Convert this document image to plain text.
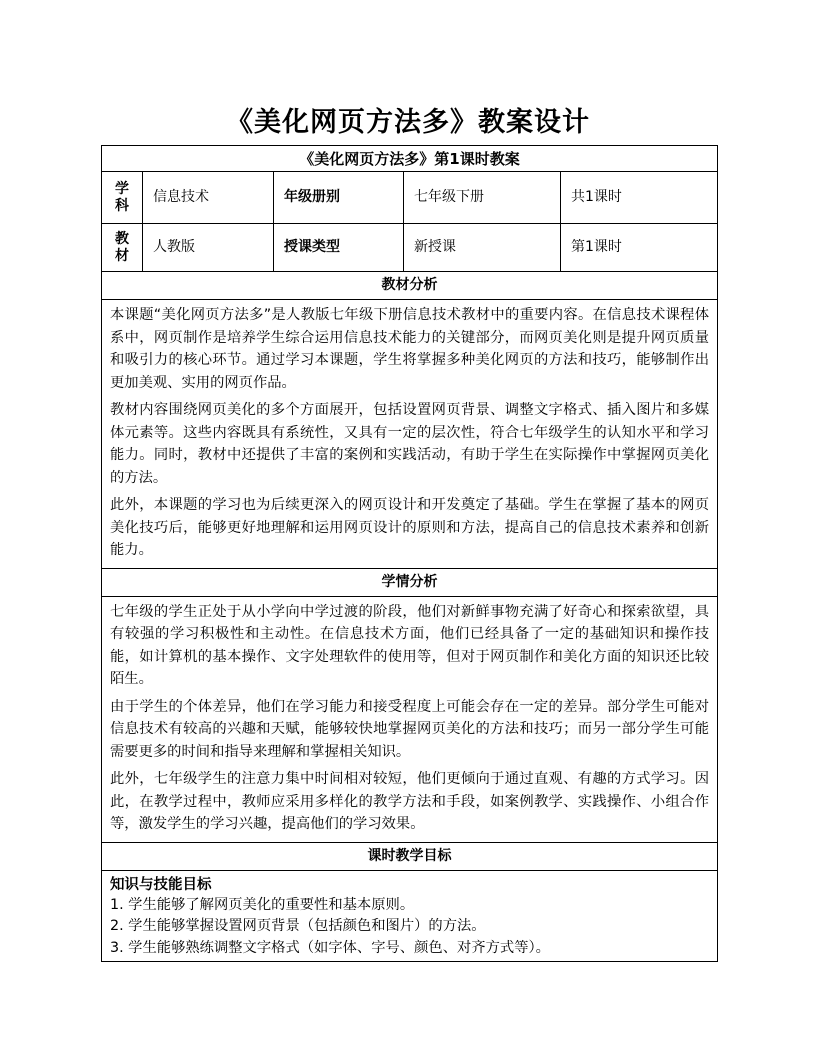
《美化网页方法多》教案设计
《美化网页方法多》第1课时教案				

学
科	信息技术	年级册别	七年级下册	共1课时

教
材	人教版	授课类型	新授课	第1课时
教材分析				

本课题“美化网页方法多”是人教版七年级下册信息技术教材中的重要内容。在信息技术课程体系中，网页制作是培养学生综合运用信息技术能力的关键部分，而网页美化则是提升网页质量和吸引力的核心环节。通过学习本课题，学生将掌握多种美化网页的方法和技巧，能够制作出更加美观、实用的网页作品。

教材内容围绕网页美化的多个方面展开，包括设置网页背景、调整文字格式、插入图片和多媒体元素等。这些内容既具有系统性，又具有一定的层次性，符合七年级学生的认知水平和学习能力。同时，教材中还提供了丰富的案例和实践活动，有助于学生在实际操作中掌握网页美化的方法。

此外，本课题的学习也为后续更深入的网页设计和开发奠定了基础。学生在掌握了基本的网页美化技巧后，能够更好地理解和运用网页设计的原则和方法，提高自己的信息技术素养和创新能力。				

学情分析				

七年级的学生正处于从小学向中学过渡的阶段，他们对新鲜事物充满了好奇心和探索欲望，具有较强的学习积极性和主动性。在信息技术方面，他们已经具备了一定的基础知识和操作技能，如计算机的基本操作、文字处理软件的使用等，但对于网页制作和美化方面的知识还比较陌生。

由于学生的个体差异，他们在学习能力和接受程度上可能会存在一定的差异。部分学生可能对信息技术有较高的兴趣和天赋，能够较快地掌握网页美化的方法和技巧；而另一部分学生可能需要更多的时间和指导来理解和掌握相关知识。

此外，七年级学生的注意力集中时间相对较短，他们更倾向于通过直观、有趣的方式学习。因此，在教学过程中，教师应采用多样化的教学方法和手段，如案例教学、实践操作、小组合作等，激发学生的学习兴趣，提高他们的学习效果。				

课时教学目标				

知识与技能目标
1. 学生能够了解网页美化的重要性和基本原则。
2. 学生能够掌握设置网页背景（包括颜色和图片）的方法。
3. 学生能够熟练调整文字格式（如字体、字号、颜色、对齐方式等）。				
